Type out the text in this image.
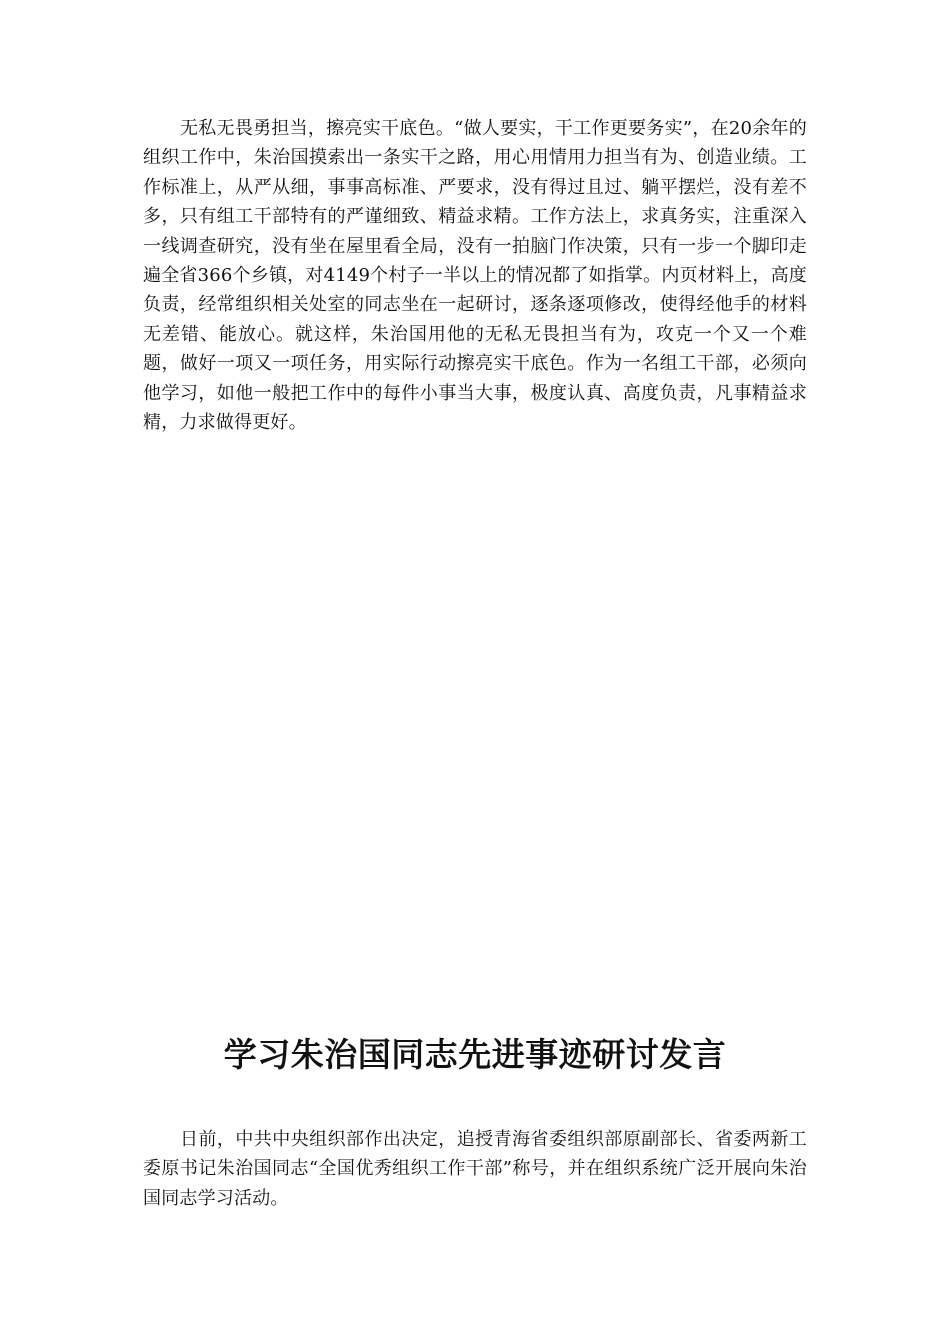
无私无畏勇担当，擦亮实干底色。“做人要实，干工作更要务实”，在20余年的组织工作中，朱治国摸索出一条实干之路，用心用情用力担当有为、创造业绩。工作标准上，从严从细，事事高标准、严要求，没有得过且过、躺平摆烂，没有差不多，只有组工干部特有的严谨细致、精益求精。工作方法上，求真务实，注重深入一线调查研究，没有坐在屋里看全局，没有一拍脑门作决策，只有一步一个脚印走遍全省366个乡镇，对4149个村子一半以上的情况都了如指掌。内页材料上，高度负责，经常组织相关处室的同志坐在一起研讨，逐条逐项修改，使得经他手的材料无差错、能放心。就这样，朱治国用他的无私无畏担当有为，攻克一个又一个难题，做好一项又一项任务，用实际行动擦亮实干底色。作为一名组工干部，必须向他学习，如他一般把工作中的每件小事当大事，极度认真、高度负责，凡事精益求精，力求做得更好。

学习朱治国同志先进事迹研讨发言

日前，中共中央组织部作出决定，追授青海省委组织部原副部长、省委两新工委原书记朱治国同志“全国优秀组织工作干部”称号，并在组织系统广泛开展向朱治国同志学习活动。
